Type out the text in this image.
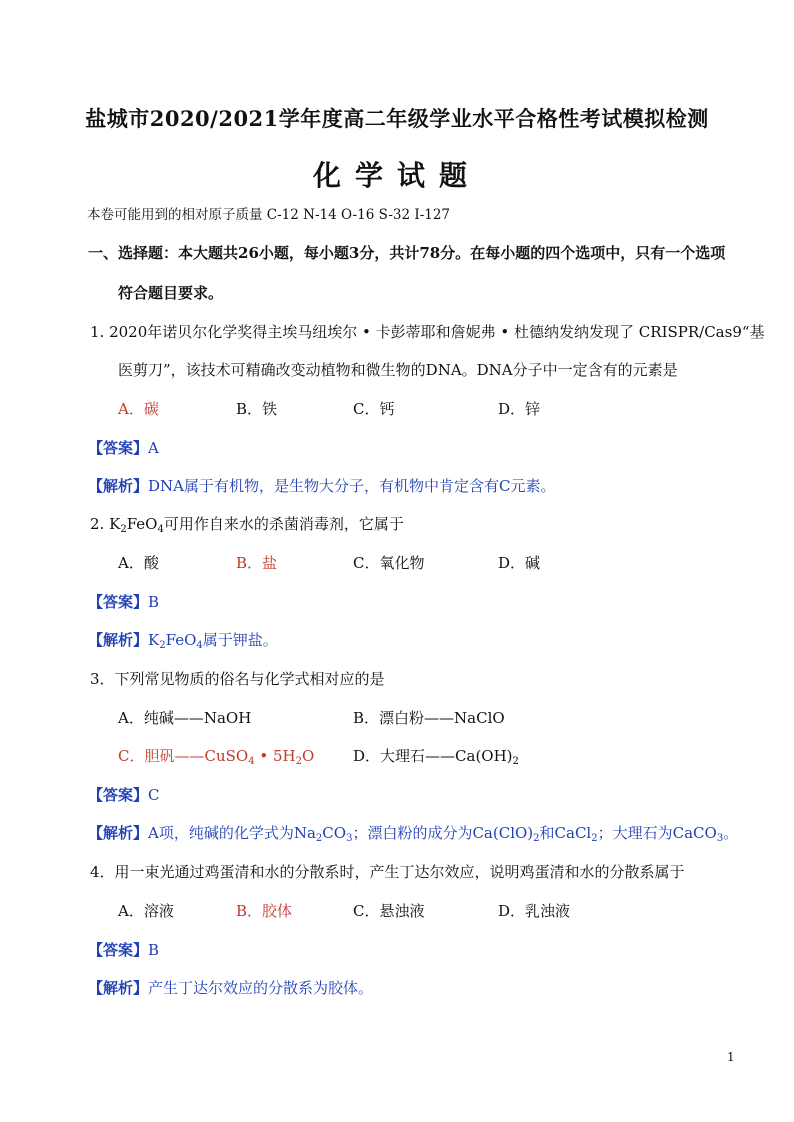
盐城市2020/2021学年度高二年级学业水平合格性考试模拟检测
化学试题
本卷可能用到的相对原子质量 C-12 N-14 O-16 S-32 I-127
一、选择题：本大题共26小题，每小题3分，共计78分。在每小题的四个选项中，只有一个选项
符合题目要求。
1. 2020年诺贝尔化学奖得主埃马纽埃尔 • 卡彭蒂耶和詹妮弗 • 杜德纳发纳发现了 CRISPR/Cas9“基
医剪刀”，该技术可精确改变动植物和微生物的DNA。DNA分子中一定含有的元素是
A．碳	B．铁	C．钙	D．锌
【答案】A
【解析】DNA属于有机物，是生物大分子，有机物中肯定含有C元素。
2. $K_2FeO_4$可用作自来水的杀菌消毒剂，它属于
A．酸	B．盐	C．氧化物	D．碱
【答案】B
【解析】$K_2FeO_4$属于钾盐。
3．下列常见物质的俗名与化学式相对应的是
A．纯碱——NaOH	B．漂白粉——NaClO
C．胆矾——CuSO$_4$ • $5H_2O$	D．大理石$——Ca(OH)_2$
【答案】C
【解析】A项，纯碱的化学式为$Na_2CO_3$；漂白粉的成分为$Ca(ClO)_2$和CaCl$_2$；大理石为CaCO$_3$。
4．用一束光通过鸡蛋清和水的分散系时，产生丁达尔效应，说明鸡蛋清和水的分散系属于
A．溶液	B．胶体	C．悬浊液	D．乳浊液
【答案】B
【解析】产生丁达尔效应的分散系为胶体。
1
